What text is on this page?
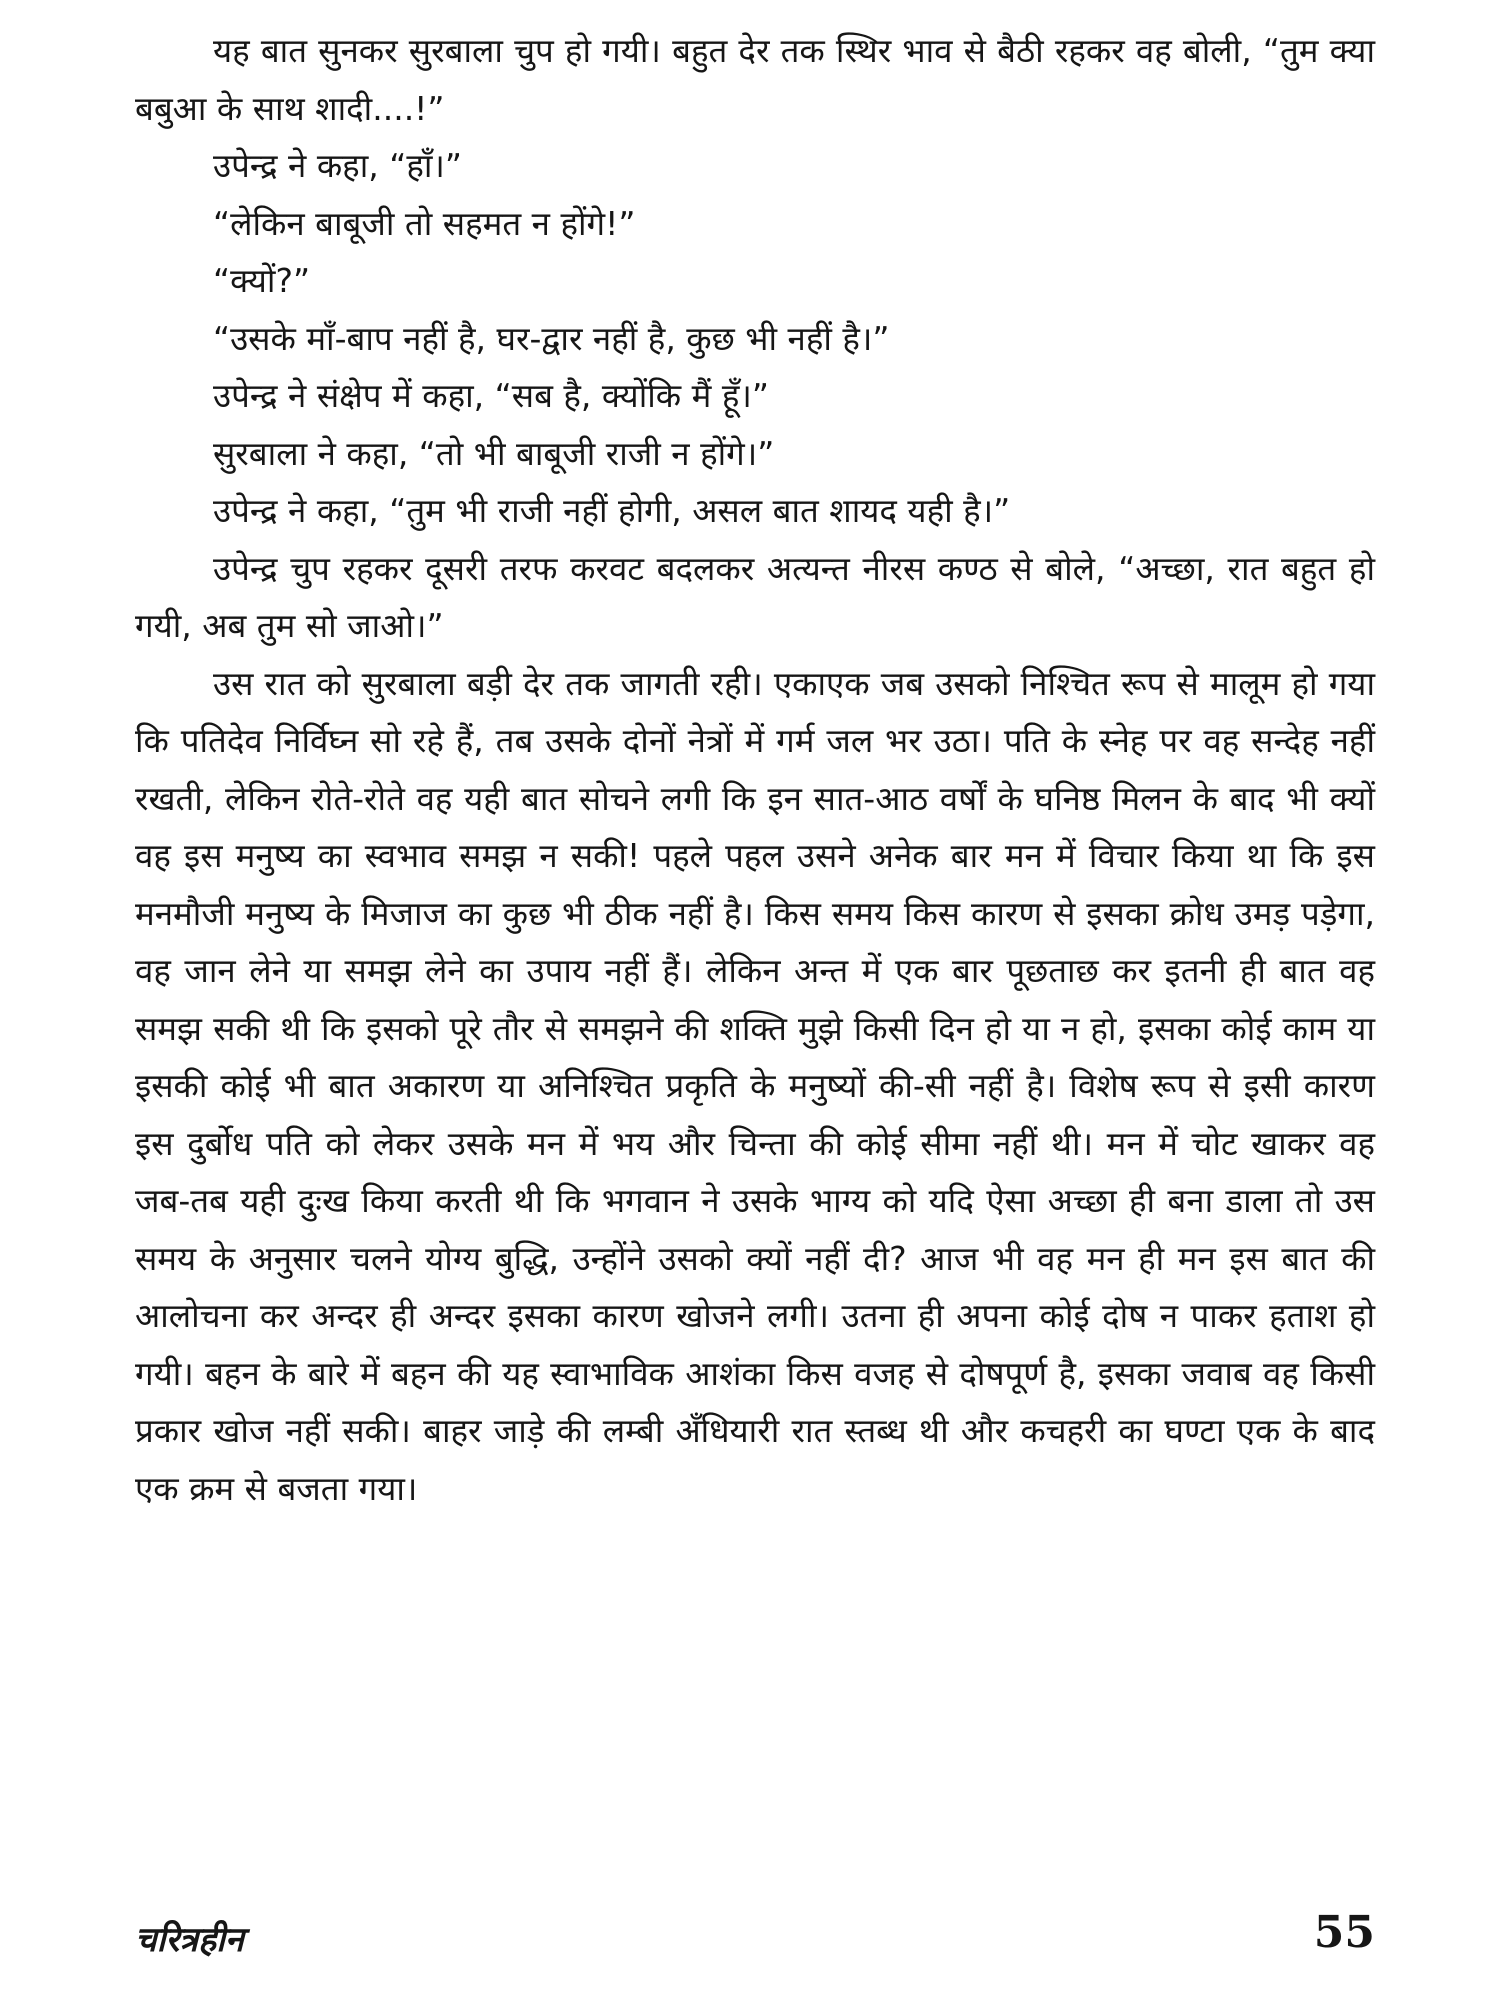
यह बात सुनकर सुरबाला चुप हो गयी। बहुत देर तक स्थिर भाव से बैठी रहकर वह बोली, “तुम क्या बबुआ के साथ शादी....!”

उपेन्द्र ने कहा, “हाँ।”

“लेकिन बाबूजी तो सहमत न होंगे!”

“क्यों?”

“उसके माँ-बाप नहीं है, घर-द्वार नहीं है, कुछ भी नहीं है।”

उपेन्द्र ने संक्षेप में कहा, “सब है, क्योंकि मैं हूँ।”

सुरबाला ने कहा, “तो भी बाबूजी राजी न होंगे।”

उपेन्द्र ने कहा, “तुम भी राजी नहीं होगी, असल बात शायद यही है।”

उपेन्द्र चुप रहकर दूसरी तरफ करवट बदलकर अत्यन्त नीरस कण्ठ से बोले, “अच्छा, रात बहुत हो गयी, अब तुम सो जाओ।”

उस रात को सुरबाला बड़ी देर तक जागती रही। एकाएक जब उसको निश्चित रूप से मालूम हो गया कि पतिदेव निर्विघ्न सो रहे हैं, तब उसके दोनों नेत्रों में गर्म जल भर उठा। पति के स्नेह पर वह सन्देह नहीं रखती, लेकिन रोते-रोते वह यही बात सोचने लगी कि इन सात-आठ वर्षों के घनिष्ठ मिलन के बाद भी क्यों वह इस मनुष्य का स्वभाव समझ न सकी! पहले पहल उसने अनेक बार मन में विचार किया था कि इस मनमौजी मनुष्य के मिजाज का कुछ भी ठीक नहीं है। किस समय किस कारण से इसका क्रोध उमड़ पड़ेगा, वह जान लेने या समझ लेने का उपाय नहीं हैं। लेकिन अन्त में एक बार पूछताछ कर इतनी ही बात वह समझ सकी थी कि इसको पूरे तौर से समझने की शक्ति मुझे किसी दिन हो या न हो, इसका कोई काम या इसकी कोई भी बात अकारण या अनिश्चित प्रकृति के मनुष्यों की-सी नहीं है। विशेष रूप से इसी कारण इस दुर्बोध पति को लेकर उसके मन में भय और चिन्ता की कोई सीमा नहीं थी। मन में चोट खाकर वह जब-तब यही दुःख किया करती थी कि भगवान ने उसके भाग्य को यदि ऐसा अच्छा ही बना डाला तो उस समय के अनुसार चलने योग्य बुद्धि, उन्होंने उसको क्यों नहीं दी? आज भी वह मन ही मन इस बात की आलोचना कर अन्दर ही अन्दर इसका कारण खोजने लगी। उतना ही अपना कोई दोष न पाकर हताश हो गयी। बहन के बारे में बहन की यह स्वाभाविक आशंका किस वजह से दोषपूर्ण है, इसका जवाब वह किसी प्रकार खोज नहीं सकी। बाहर जाड़े की लम्बी अँधियारी रात स्तब्ध थी और कचहरी का घण्टा एक के बाद एक क्रम से बजता गया।

चरित्रहीन	55
